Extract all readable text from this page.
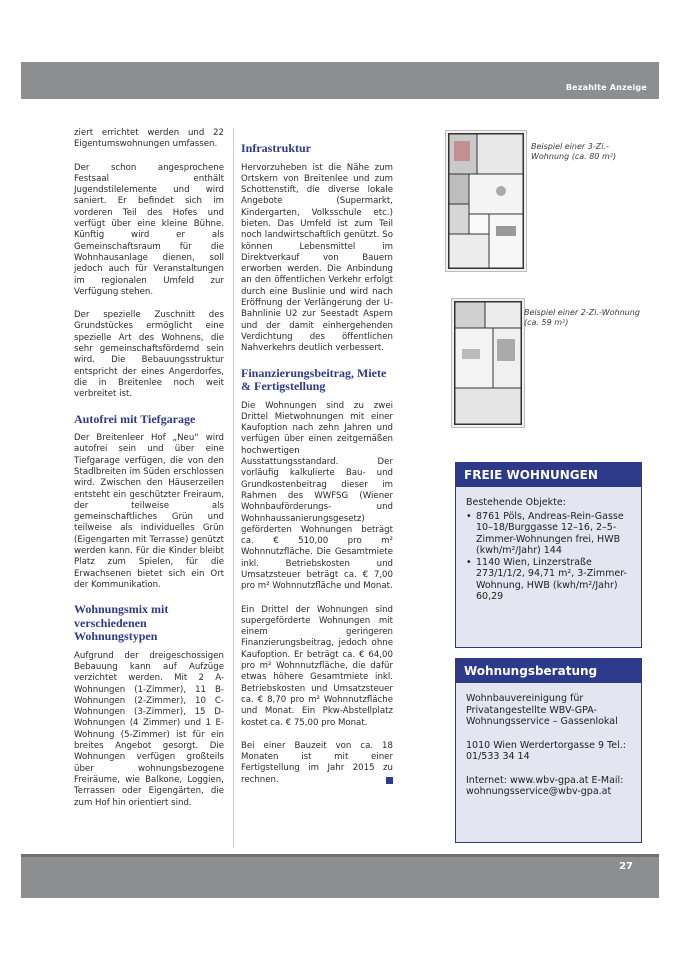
Bezahlte Anzeige

ziert errichtet werden und 22 Eigentumswohnungen umfassen.

Der schon angesprochene Festsaal enthält Jugendstilelemente und wird saniert. Er befindet sich im vorderen Teil des Hofes und verfügt über eine kleine Bühne. Künftig wird er als Gemeinschaftsraum für die Wohnhausanlage dienen, soll jedoch auch für Veranstaltungen im regionalen Umfeld zur Verfügung stehen.

Der spezielle Zuschnitt des Grundstückes ermöglicht eine spezielle Art des Wohnens, die sehr gemeinschaftsfördernd sein wird. Die Bebauungsstruktur entspricht der eines Angerdorfes, die in Breitenlee noch weit verbreitet ist.

Autofrei mit Tiefgarage

Der Breitenleer Hof „Neu“ wird autofrei sein und über eine Tiefgarage verfügen, die von den Stadlbreiten im Süden erschlossen wird. Zwischen den Häuserzeilen entsteht ein geschützter Freiraum, der teilweise als gemeinschaftliches Grün und teilweise als individuelles Grün (Eigengarten mit Terrasse) genützt werden kann. Für die Kinder bleibt Platz zum Spielen, für die Erwachsenen bietet sich ein Ort der Kommunikation.

Wohnungsmix mit verschiedenen Wohnungstypen

Aufgrund der dreigeschossigen Bebauung kann auf Aufzüge verzichtet werden. Mit 2 A-Wohnungen (1-Zimmer), 11 B-Wohnungen (2-Zimmer), 10 C-Wohnungen (3-Zimmer), 15 D-Wohnungen (4 Zimmer) und 1 E-Wohnung (5-Zimmer) ist für ein breites Angebot gesorgt. Die Wohnungen verfügen großteils über wohnungsbezogene Freiräume, wie Balkone, Loggien, Terrassen oder Eigengärten, die zum Hof hin orientiert sind.

Infrastruktur

Hervorzuheben ist die Nähe zum Ortskern von Breitenlee und zum Schottenstift, die diverse lokale Angebote (Supermarkt, Kindergarten, Volksschule etc.) bieten. Das Umfeld ist zum Teil noch landwirtschaftlich genützt. So können Lebensmittel im Direktverkauf von Bauern erworben werden. Die Anbindung an den öffentlichen Verkehr erfolgt durch eine Buslinie und wird nach Eröffnung der Verlängerung der U-Bahnlinie U2 zur Seestadt Aspern und der damit einhergehenden Verdichtung des öffentlichen Nahverkehrs deutlich verbessert.

Finanzierungsbeitrag, Miete & Fertigstellung

Die Wohnungen sind zu zwei Drittel Mietwohnungen mit einer Kaufoption nach zehn Jahren und verfügen über einen zeitgemäßen hochwertigen Ausstattungsstandard. Der vorläufig kalkulierte Bau- und Grundkostenbeitrag dieser im Rahmen des WWFSG (Wiener Wohnbauförderungs- und Wohnhaussanierungsgesetz) geförderten Wohnungen beträgt ca. € 510,00 pro m² Wohnnutzfläche. Die Gesamtmiete inkl. Betriebskosten und Umsatzsteuer beträgt ca. € 7,00 pro m² Wohnnutzfläche und Monat.

Ein Drittel der Wohnungen sind supergeförderte Wohnungen mit einem geringeren Finanzierungsbeitrag, jedoch ohne Kaufoption. Er beträgt ca. € 64,00 pro m² Wohnnutzfläche, die dafür etwas höhere Gesamtmiete inkl. Betriebskosten und Umsatzsteuer ca. € 8,70 pro m² Wohnnutzfläche und Monat. Ein Pkw-Abstellplatz kostet ca. € 75,00 pro Monat.

Bei einer Bauzeit von ca. 18 Monaten ist mit einer Fertigstellung im Jahr 2015 zu rechnen.

Beispiel einer 3-Zi.-Wohnung (ca. 80 m²)
Beispiel einer 2-Zi.-Wohnung (ca. 59 m²)
FREIE WOHNUNGEN
Bestehende Objekte:
• 8761 Pöls, Andreas-Rein-Gasse 10–18/Burggasse 12–16, 2–5-Zimmer-Wohnungen frei, HWB (kwh/m²/Jahr) 144
• 1140 Wien, Linzerstraße 273/1/1/2, 94,71 m², 3-Zimmer-Wohnung, HWB (kwh/m²/Jahr) 60,29
Wohnungsberatung
Wohnbauvereinigung für Privatangestellte WBV-GPA-Wohnungsservice – Gassenlokal
1010 Wien Werdertorgasse 9 Tel.: 01/533 34 14
Internet: www.wbv-gpa.at E-Mail: wohnungsservice@wbv-gpa.at
27
